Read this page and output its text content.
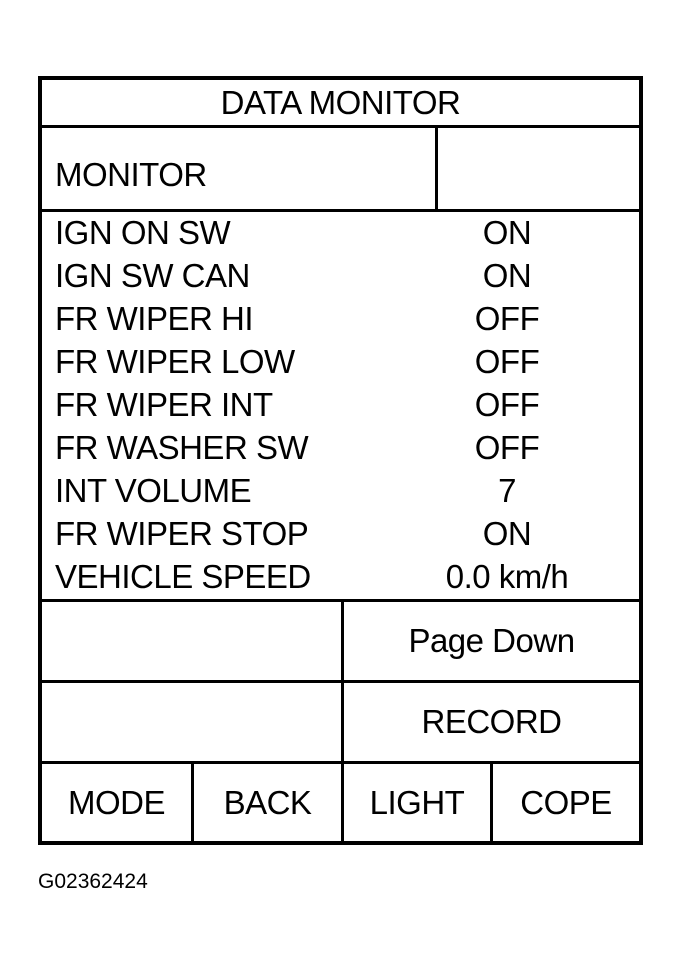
DATA MONITOR
MONITOR
IGN ON SW	ON
IGN SW CAN	ON
FR WIPER HI	OFF
FR WIPER LOW	OFF
FR WIPER INT	OFF
FR WASHER SW	OFF
INT VOLUME	7
FR WIPER STOP	ON
VEHICLE SPEED	0.0 km/h
Page Down
RECORD
MODE BACK LIGHT COPE
G02362424
